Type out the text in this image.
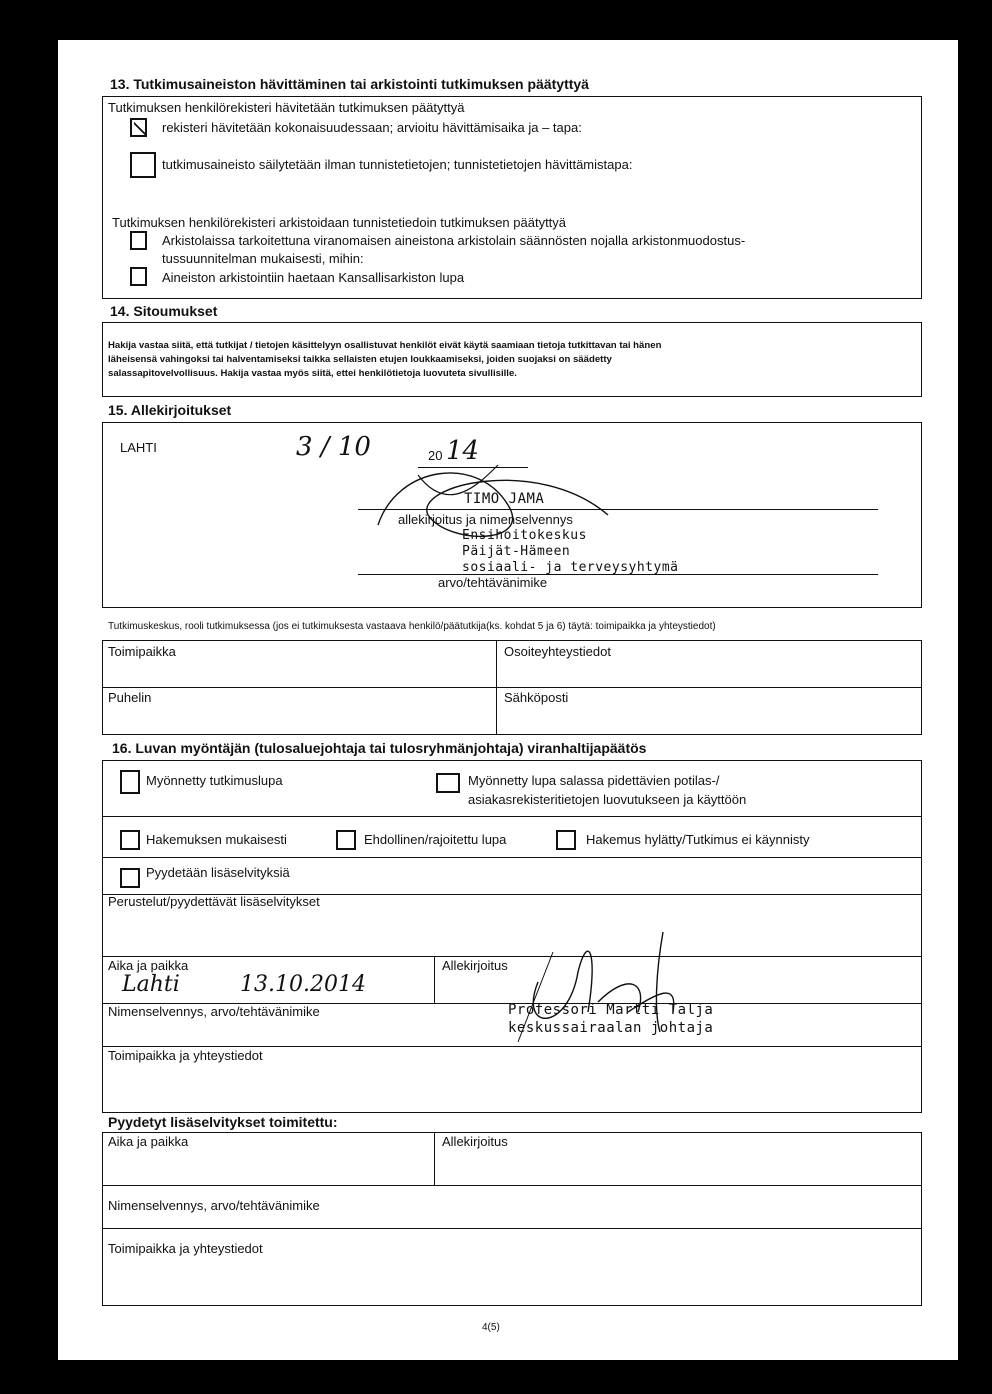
13. Tutkimusaineiston hävittäminen tai arkistointi tutkimuksen päätyttyä
Tutkimuksen henkilörekisteri hävitetään tutkimuksen päätyttyä
rekisteri hävitetään kokonaisuudessaan; arvioitu hävittämisaika ja – tapa:
tutkimusaineisto säilytetään ilman tunnistetietojen; tunnistetietojen hävittämistapa:
Tutkimuksen henkilörekisteri arkistoidaan tunnistetiedoin tutkimuksen päätyttyä
Arkistolaissa tarkoitettuna viranomaisen aineistona arkistolain säännösten nojalla arkistonmuodostus-
tussuunnitelman mukaisesti, mihin:
Aineiston arkistointiin haetaan Kansallisarkiston lupa
14. Sitoumukset
Hakija vastaa siitä, että tutkijat / tietojen käsittelyyn osallistuvat henkilöt eivät käytä saamiaan tietoja tutkittavan tai hänen
läheisensä vahingoksi tai halventamiseksi taikka sellaisten etujen loukkaamiseksi, joiden suojaksi on säädetty
salassapitovelvollisuus. Hakija vastaa myös siitä, ettei henkilötietoja luovuteta sivullisille.
15. Allekirjoitukset
LAHTI	3 / 10	20 14
TIMO JAMA
allekirjoitus ja nimenselvennys
Ensihoitokeskus
Päijät-Hämeen
sosiaali- ja terveysyhtymä
arvo/tehtävänimike
Tutkimuskeskus, rooli tutkimuksessa (jos ei tutkimuksesta vastaava henkilö/päätutkija(ks. kohdat 5 ja 6) täytä: toimipaikka ja yhteystiedot)
Toimipaikka	Osoiteyhteystiedot
Puhelin	Sähköposti
16. Luvan myöntäjän (tulosaluejohtaja tai tulosryhmänjohtaja) viranhaltijapäätös
Myönnetty tutkimuslupa	Myönnetty lupa salassa pidettävien potilas-/
asiakasrekisteritietojen luovutukseen ja käyttöön
Hakemuksen mukaisesti	Ehdollinen/rajoitettu lupa	Hakemus hylätty/Tutkimus ei käynnisty
Pyydetään lisäselvityksiä
Perustelut/pyydettävät lisäselvitykset
Aika ja paikka	Allekirjoitus
Lahti	13.10.2014
Nimenselvennys, arvo/tehtävänimike	Professori Martti Talja
keskussairaalan johtaja
Toimipaikka ja yhteystiedot
Pyydetyt lisäselvitykset toimitettu:
Aika ja paikka	Allekirjoitus
Nimenselvennys, arvo/tehtävänimike
Toimipaikka ja yhteystiedot
4(5)
